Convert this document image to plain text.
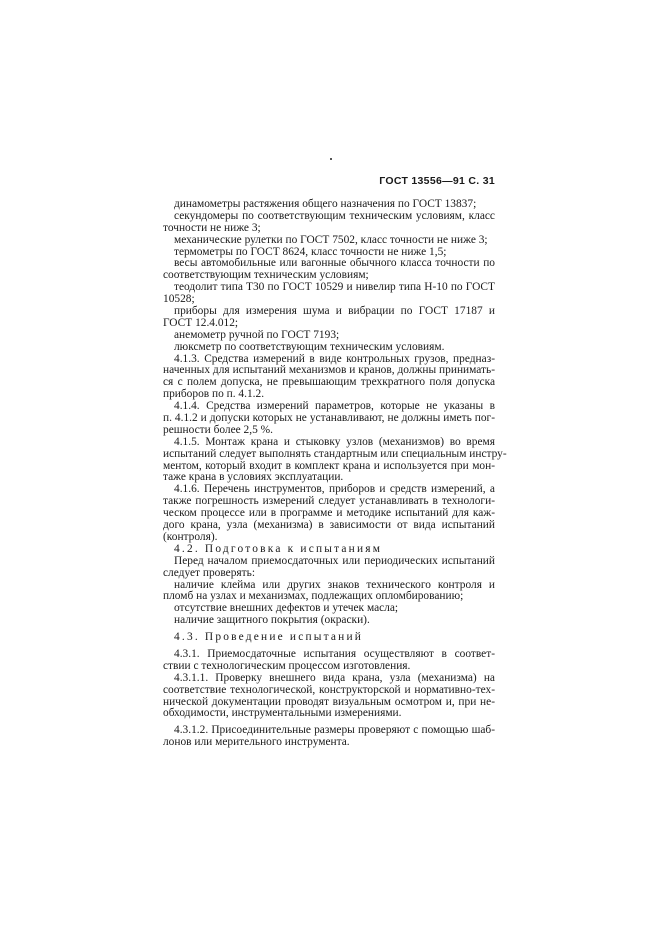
ГОСТ 13556—91 С. 31
динамометры растяжения общего назначения по ГОСТ 13837;
секундомеры по соответствующим техническим условиям, класс
точности не ниже 3;
механические рулетки по ГОСТ 7502, класс точности не ниже 3;
термометры по ГОСТ 8624, класс точности не ниже 1,5;
весы автомобильные или вагонные обычного класса точности по
соответствующим техническим условиям;
теодолит типа Т30 по ГОСТ 10529 и нивелир типа Н-10 по ГОСТ
10528;
приборы для измерения шума и вибрации по ГОСТ 17187 и
ГОСТ 12.4.012;
анемометр ручной по ГОСТ 7193;
люксметр по соответствующим техническим условиям.
4.1.3. Средства измерений в виде контрольных грузов, предназ-
наченных для испытаний механизмов и кранов, должны принимать-
ся с полем допуска, не превышающим трехкратного поля допуска
приборов по п. 4.1.2.
4.1.4. Средства измерений параметров, которые не указаны в
п. 4.1.2 и допуски которых не устанавливают, не должны иметь пог-
решности более 2,5 %.
4.1.5. Монтаж крана и стыковку узлов (механизмов) во время
испытаний следует выполнять стандартным или специальным инстру-
ментом, который входит в комплект крана и используется при мон-
таже крана в условиях эксплуатации.
4.1.6. Перечень инструментов, приборов и средств измерений, а
также погрешность измерений следует устанавливать в технологи-
ческом процессе или в программе и методике испытаний для каж-
дого крана, узла (механизма) в зависимости от вида испытаний
(контроля).
4.2. Подготовка к испытаниям
Перед началом приемосдаточных или периодических испытаний
следует проверять:
наличие клейма или других знаков технического контроля и
пломб на узлах и механизмах, подлежащих опломбированию;
отсутствие внешних дефектов и утечек масла;
наличие защитного покрытия (окраски).
4.3. Проведение испытаний
4.3.1. Приемосдаточные испытания осуществляют в соответ-
ствии с технологическим процессом изготовления.
4.3.1.1. Проверку внешнего вида крана, узла (механизма) на
соответствие технологической, конструкторской и нормативно-тех-
нической документации проводят визуальным осмотром и, при не-
обходимости, инструментальными измерениями.
4.3.1.2. Присоединительные размеры проверяют с помощью шаб-
лонов или мерительного инструмента.
